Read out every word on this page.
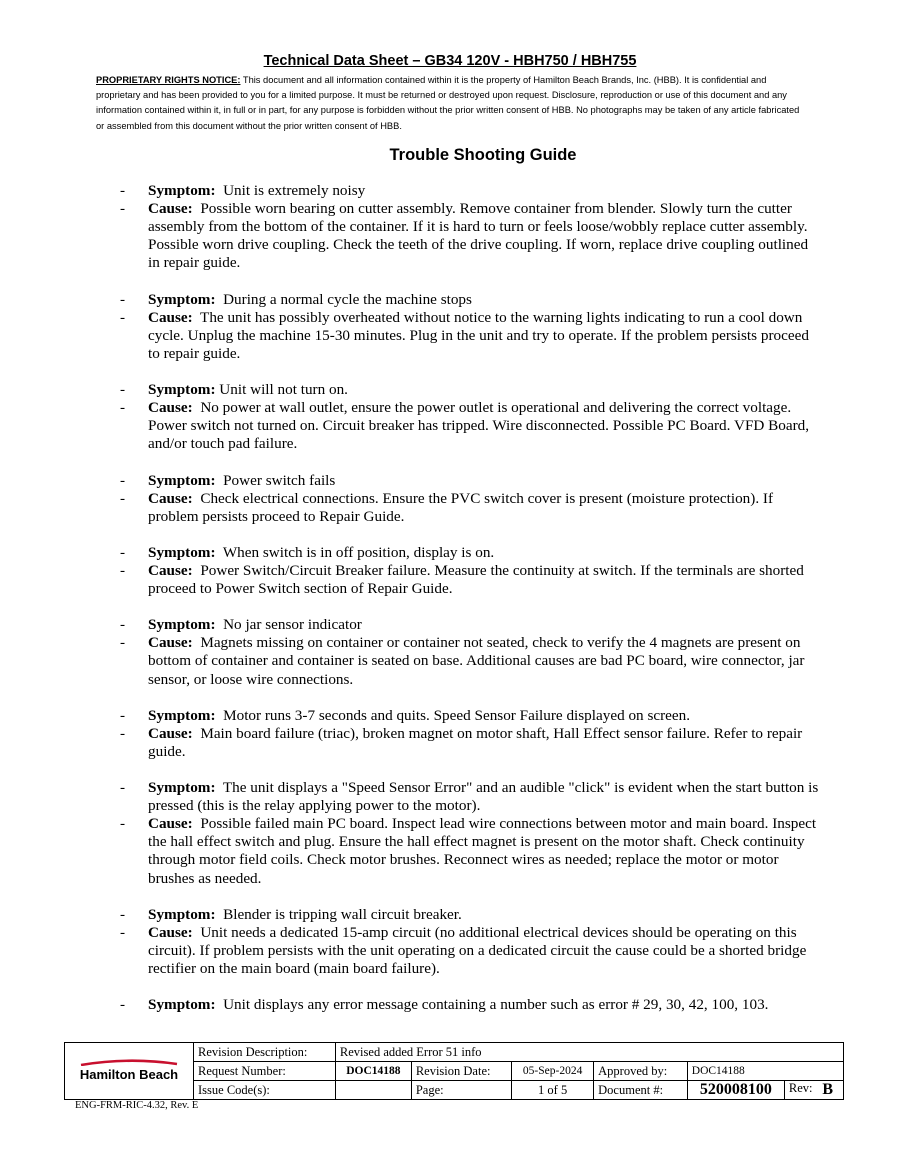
Technical Data Sheet – GB34 120V - HBH750 / HBH755
PROPRIETARY RIGHTS NOTICE: This document and all information contained within it is the property of Hamilton Beach Brands, Inc. (HBB). It is confidential and proprietary and has been provided to you for a limited purpose. It must be returned or destroyed upon request. Disclosure, reproduction or use of this document and any information contained within it, in full or in part, for any purpose is forbidden without the prior written consent of HBB. No photographs may be taken of any article fabricated or assembled from this document without the prior written consent of HBB.
Trouble Shooting Guide
- Symptom: Unit is extremely noisy
- Cause: Possible worn bearing on cutter assembly. Remove container from blender. Slowly turn the cutter assembly from the bottom of the container. If it is hard to turn or feels loose/wobbly replace cutter assembly. Possible worn drive coupling. Check the teeth of the drive coupling. If worn, replace drive coupling outlined in repair guide.
- Symptom: During a normal cycle the machine stops
- Cause: The unit has possibly overheated without notice to the warning lights indicating to run a cool down cycle. Unplug the machine 15-30 minutes. Plug in the unit and try to operate. If the problem persists proceed to repair guide.
- Symptom: Unit will not turn on.
- Cause: No power at wall outlet, ensure the power outlet is operational and delivering the correct voltage. Power switch not turned on. Circuit breaker has tripped. Wire disconnected. Possible PC Board. VFD Board, and/or touch pad failure.
- Symptom: Power switch fails
- Cause: Check electrical connections. Ensure the PVC switch cover is present (moisture protection). If problem persists proceed to Repair Guide.
- Symptom: When switch is in off position, display is on.
- Cause: Power Switch/Circuit Breaker failure. Measure the continuity at switch. If the terminals are shorted proceed to Power Switch section of Repair Guide.
- Symptom: No jar sensor indicator
- Cause: Magnets missing on container or container not seated, check to verify the 4 magnets are present on bottom of container and container is seated on base. Additional causes are bad PC board, wire connector, jar sensor, or loose wire connections.
- Symptom: Motor runs 3-7 seconds and quits. Speed Sensor Failure displayed on screen.
- Cause: Main board failure (triac), broken magnet on motor shaft, Hall Effect sensor failure. Refer to repair guide.
- Symptom: The unit displays a "Speed Sensor Error" and an audible "click" is evident when the start button is pressed (this is the relay applying power to the motor).
- Cause: Possible failed main PC board. Inspect lead wire connections between motor and main board. Inspect the hall effect switch and plug. Ensure the hall effect magnet is present on the motor shaft. Check continuity through motor field coils. Check motor brushes. Reconnect wires as needed; replace the motor or motor brushes as needed.
- Symptom: Blender is tripping wall circuit breaker.
- Cause: Unit needs a dedicated 15-amp circuit (no additional electrical devices should be operating on this circuit). If problem persists with the unit operating on a dedicated circuit the cause could be a shorted bridge rectifier on the main board (main board failure).
- Symptom: Unit displays any error message containing a number such as error # 29, 30, 42, 100, 103.
Hamilton Beach	Revision Description:	Revised added Error 51 info					
	Request Number:	DOC14188	Revision Date:	05-Sep-2024	Approved by:	DOC14188	
	Issue Code(s):		Page:	1 of 5	Document #:	520008100	Rev: B
ENG-FRM-RIC-4.32, Rev. E
